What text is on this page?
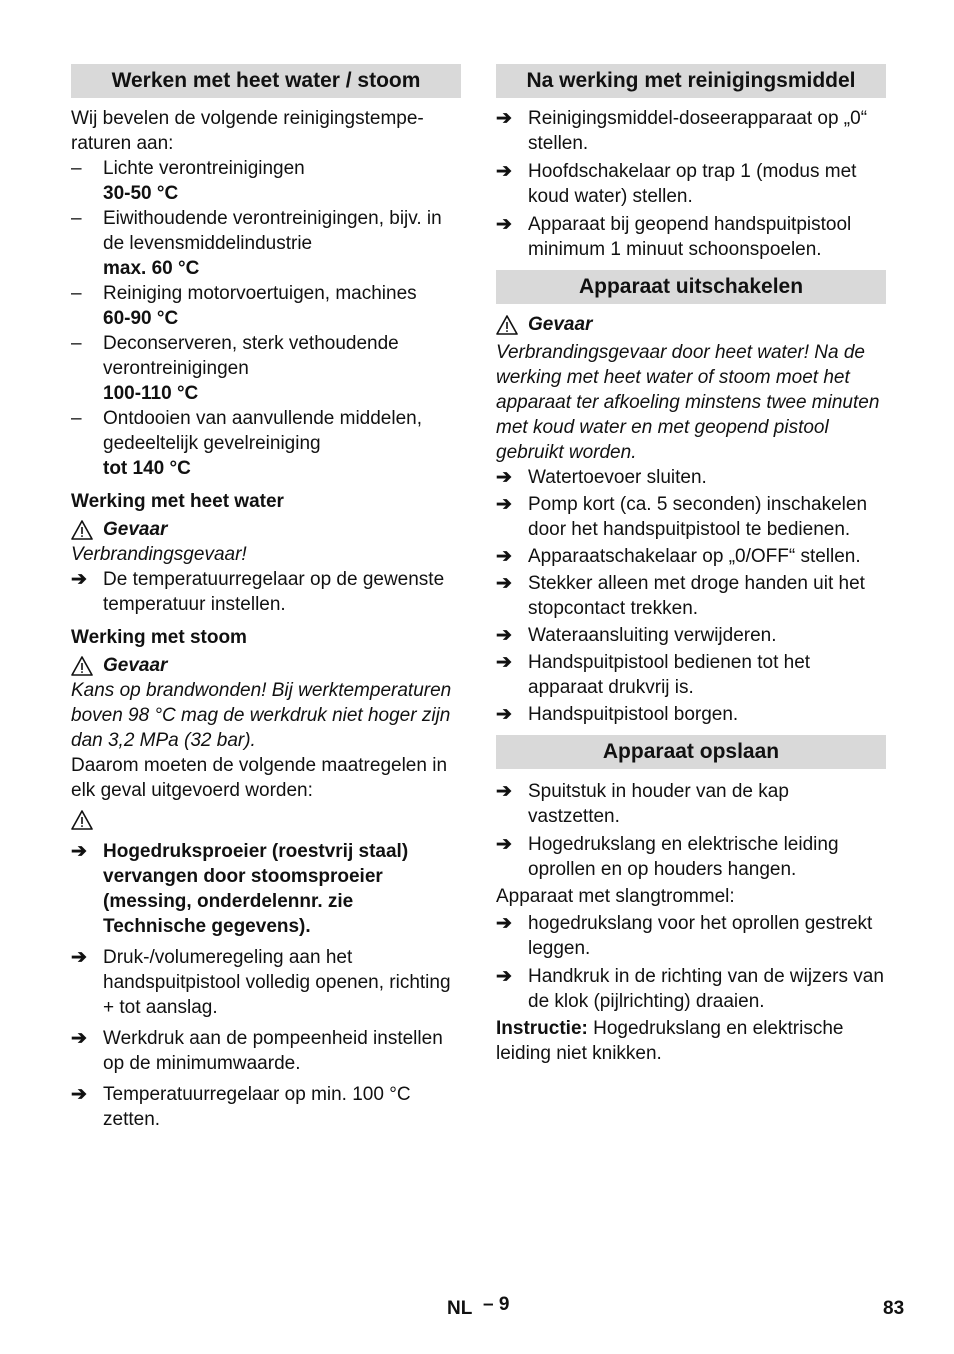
Werken met heet water / stoom

Wij bevelen de volgende reinigingstempe-raturen aan:

– Lichte verontreinigingen
30-50 °C
– Eiwithoudende verontreinigingen, bijv. in de levensmiddelindustrie
max. 60 °C
– Reiniging motorvoertuigen, machines
60-90 °C
– Deconserveren, sterk vethoudende verontreinigingen
100-110 °C
– Ontdooien van aanvullende middelen, gedeeltelijk gevelreiniging
tot 140 °C
Werking met heet water
Gevaar
Verbrandingsgevaar!
➔ De temperatuurregelaar op de gewenste temperatuur instellen.
Werking met stoom
Gevaar
Kans op brandwonden! Bij werktemperaturen boven 98 °C mag de werkdruk niet hoger zijn dan 3,2 MPa (32 bar).
Daarom moeten de volgende maatregelen in elk geval uitgevoerd worden:
➔ Hogedruksproeier (roestvrij staal) vervangen door stoomsproeier (messing, onderdelennr. zie Technische gegevens).
➔ Druk-/volumeregeling aan het handspuitpistool volledig openen, richting + tot aanslag.
➔ Werkdruk aan de pompeenheid instellen op de minimumwaarde.
➔ Temperatuurregelaar op min. 100 °C zetten.
Na werking met reinigingsmiddel
➔ Reinigingsmiddel-doseerapparaat op „0“ stellen.
➔ Hoofdschakelaar op trap 1 (modus met koud water) stellen.
➔ Apparaat bij geopend handspuitpistool minimum 1 minuut schoonspoelen.
Apparaat uitschakelen
Gevaar
Verbrandingsgevaar door heet water! Na de werking met heet water of stoom moet het apparaat ter afkoeling minstens twee minuten met koud water en met geopend pistool gebruikt worden.
➔ Watertoevoer sluiten.
➔ Pomp kort (ca. 5 seconden) inschakelen door het handspuitpistool te bedienen.
➔ Apparaatschakelaar op „0/OFF“ stellen.
➔ Stekker alleen met droge handen uit het stopcontact trekken.
➔ Wateraansluiting verwijderen.
➔ Handspuitpistool bedienen tot het apparaat drukvrij is.
➔ Handspuitpistool borgen.
Apparaat opslaan
➔ Spuitstuk in houder van de kap vastzetten.
➔ Hogedrukslang en elektrische leiding oprollen en op houders hangen.
Apparaat met slangtrommel:
➔ hogedrukslang voor het oprollen gestrekt leggen.
➔ Handkruk in de richting van de wijzers van de klok (pijlrichting) draaien.
Instructie: Hogedrukslang en elektrische leiding niet knikken.
NL – 9	83
